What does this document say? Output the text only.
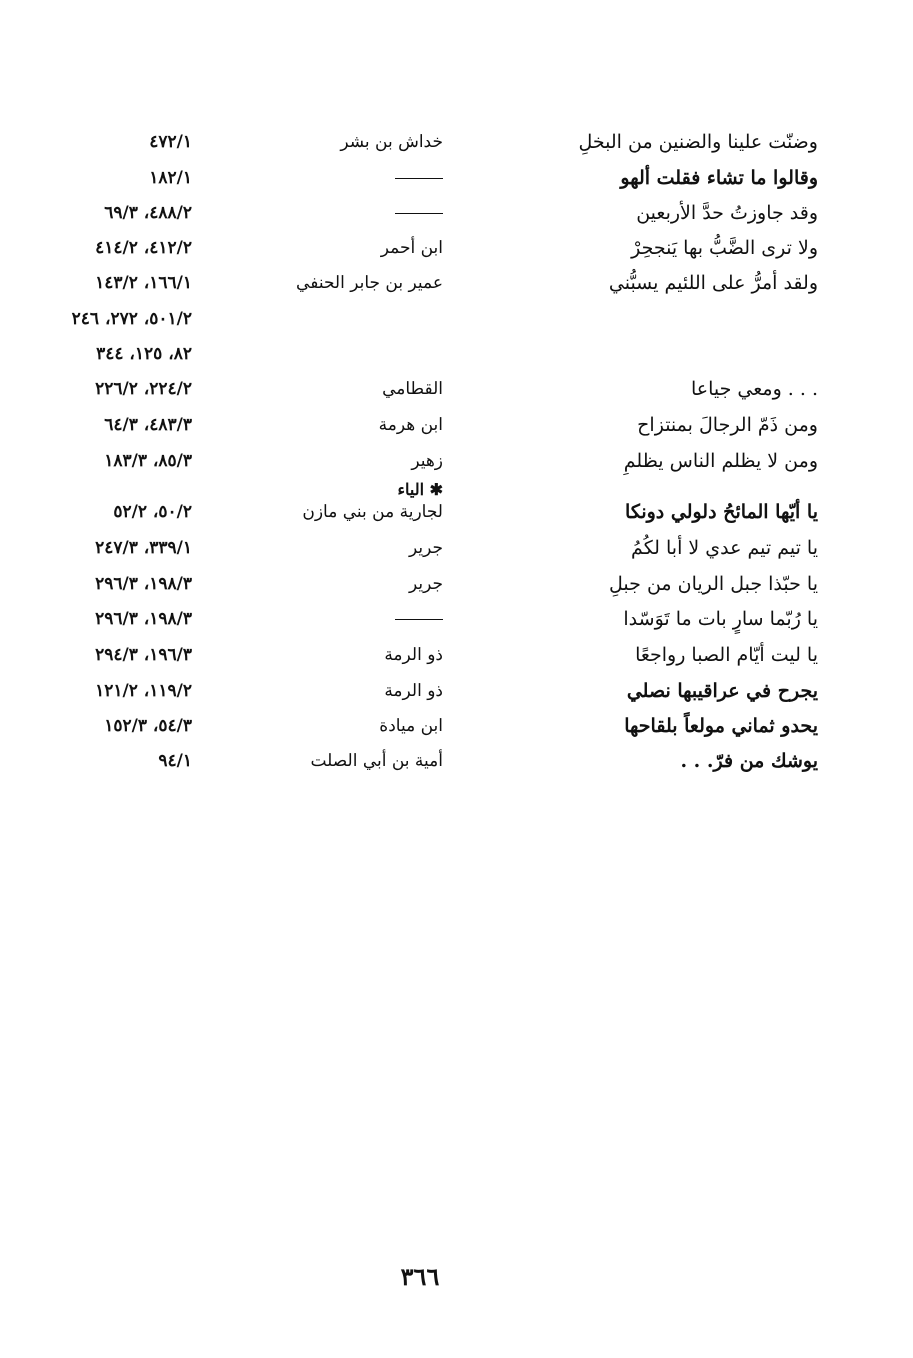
وضنّت علينا والضنين من البخلِ
خداش بن بشر
٤٧٢/١
وقالوا ما تشاء فقلت ألهو
١٨٢/١
وقد جاوزتُ حدَّ الأربعين
٤٨٨/٢، ٦٩/٣
ولا ترى الضَّبُّ بها يَنجحِرْ
ابن أحمر
٤١٢/٢، ٤١٤/٢
ولقد أمرُّ على اللئيم يسبُّني
عمير بن جابر الحنفي
١٦٦/١، ١٤٣/٢
٥٠١/٢، ٢٧٢، ٢٤٦
٨٢، ١٢٥، ٣٤٤
. . . ومعي جياعا
القطامي
٢٢٤/٢، ٢٢٦/٢
ومن ذَمّ الرجالَ بمنتزاح
ابن هرمة
٤٨٣/٣، ٦٤/٣
ومن لا يظلم الناس يظلمِ
زهير
٨٥/٣، ١٨٣/٣
✱ الياء
يا أيّها المائحُ دلولي دونكا
لجارية من بني مازن
٥٠/٢، ٥٢/٢
يا تيم تيم عدي لا أبا لكُمُ
جرير
٣٣٩/١، ٢٤٧/٣
يا حبّذا جبل الريان من جبلِ
جرير
١٩٨/٣، ٢٩٦/٣
يا رُبّما سارٍ بات ما تَوَسّدا
١٩٨/٣، ٢٩٦/٣
يا ليت أيّام الصبا رواجعًا
ذو الرمة
١٩٦/٣، ٢٩٤/٣
يجرح في عراقيبها نصلي
ذو الرمة
١١٩/٢، ١٢١/٢
يحدو ثماني مولعاً بلقاحها
ابن ميادة
٥٤/٣، ١٥٢/٣
يوشك من فرّ. . .
أمية بن أبي الصلت
٩٤/١
٣٦٦
